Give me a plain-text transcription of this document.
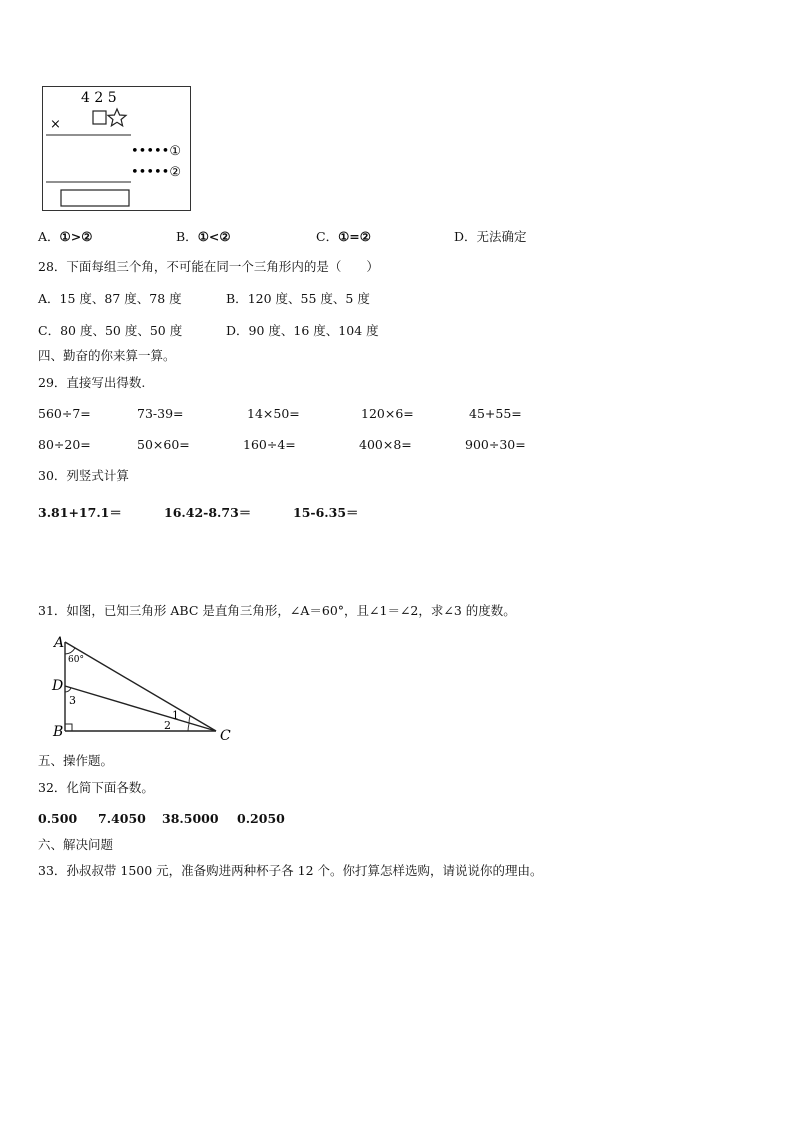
4 2 5
×
•••••①
•••••②
A．①>②	B．①<②	C．①=②	D．无法确定
28．下面每组三个角，不可能在同一个三角形内的是（　　）
A．15 度、87 度、78 度	B．120 度、55 度、5 度
C．80 度、50 度、50 度	D．90 度、16 度、104 度
四、勤奋的你来算一算。
29．直接写出得数.
560÷7=	73-39=	14×50=	120×6=	45+55=
80÷20=	50×60=	160÷4=	400×8=	900÷30=
30．列竖式计算
3.81+17.1＝	16.42-8.73＝	15-6.35＝
31．如图，已知三角形 ABC 是直角三角形，∠A＝60°，且∠1＝∠2，求∠3 的度数。
A
60°
D
3
B
1
2
C
五、操作题。
32．化简下面各数。
0.500 7.4050 38.5000 0.2050
六、解决问题
33．孙叔叔带 1500 元，准备购进两种杯子各 12 个。你打算怎样选购，请说说你的理由。
